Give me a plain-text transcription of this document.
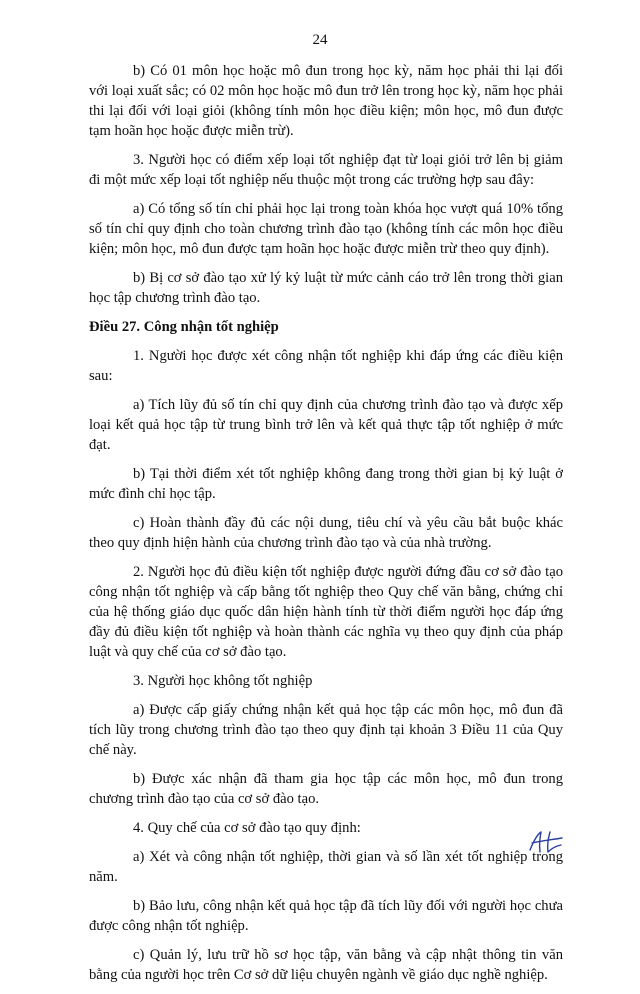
24

b) Có 01 môn học hoặc mô đun trong học kỳ, năm học phải thi lại đối với loại xuất sắc; có 02 môn học hoặc mô đun trở lên trong học kỳ, năm học phải thi lại đối với loại giỏi (không tính môn học điều kiện; môn học, mô đun được tạm hoãn học hoặc được miễn trừ).

3. Người học có điểm xếp loại tốt nghiệp đạt từ loại giỏi trở lên bị giảm đi một mức xếp loại tốt nghiệp nếu thuộc một trong các trường hợp sau đây:

a) Có tổng số tín chỉ phải học lại trong toàn khóa học vượt quá 10% tổng số tín chỉ quy định cho toàn chương trình đào tạo (không tính các môn học điều kiện; môn học, mô đun được tạm hoãn học hoặc được miễn trừ theo quy định).

b) Bị cơ sở đào tạo xử lý kỷ luật từ mức cảnh cáo trở lên trong thời gian học tập chương trình đào tạo.

Điều 27. Công nhận tốt nghiệp

1. Người học được xét công nhận tốt nghiệp khi đáp ứng các điều kiện sau:

a) Tích lũy đủ số tín chỉ quy định của chương trình đào tạo và được xếp loại kết quả học tập từ trung bình trở lên và kết quả thực tập tốt nghiệp ở mức đạt.

b) Tại thời điểm xét tốt nghiệp không đang trong thời gian bị kỷ luật ở mức đình chỉ học tập.

c) Hoàn thành đầy đủ các nội dung, tiêu chí và yêu cầu bắt buộc khác theo quy định hiện hành của chương trình đào tạo và của nhà trường.

2. Người học đủ điều kiện tốt nghiệp được người đứng đầu cơ sở đào tạo công nhận tốt nghiệp và cấp bằng tốt nghiệp theo Quy chế văn bằng, chứng chỉ của hệ thống giáo dục quốc dân hiện hành tính từ thời điểm người học đáp ứng đầy đủ điều kiện tốt nghiệp và hoàn thành các nghĩa vụ theo quy định của pháp luật và quy chế của cơ sở đào tạo.

3. Người học không tốt nghiệp

a) Được cấp giấy chứng nhận kết quả học tập các môn học, mô đun đã tích lũy trong chương trình đào tạo theo quy định tại khoản 3 Điều 11 của Quy chế này.

b) Được xác nhận đã tham gia học tập các môn học, mô đun trong chương trình đào tạo của cơ sở đào tạo.

4. Quy chế của cơ sở đào tạo quy định:

a) Xét và công nhận tốt nghiệp, thời gian và số lần xét tốt nghiệp trong năm.

b) Bảo lưu, công nhận kết quả học tập đã tích lũy đối với người học chưa được công nhận tốt nghiệp.

c) Quản lý, lưu trữ hồ sơ học tập, văn bằng và cập nhật thông tin văn bằng của người học trên Cơ sở dữ liệu chuyên ngành về giáo dục nghề nghiệp.
